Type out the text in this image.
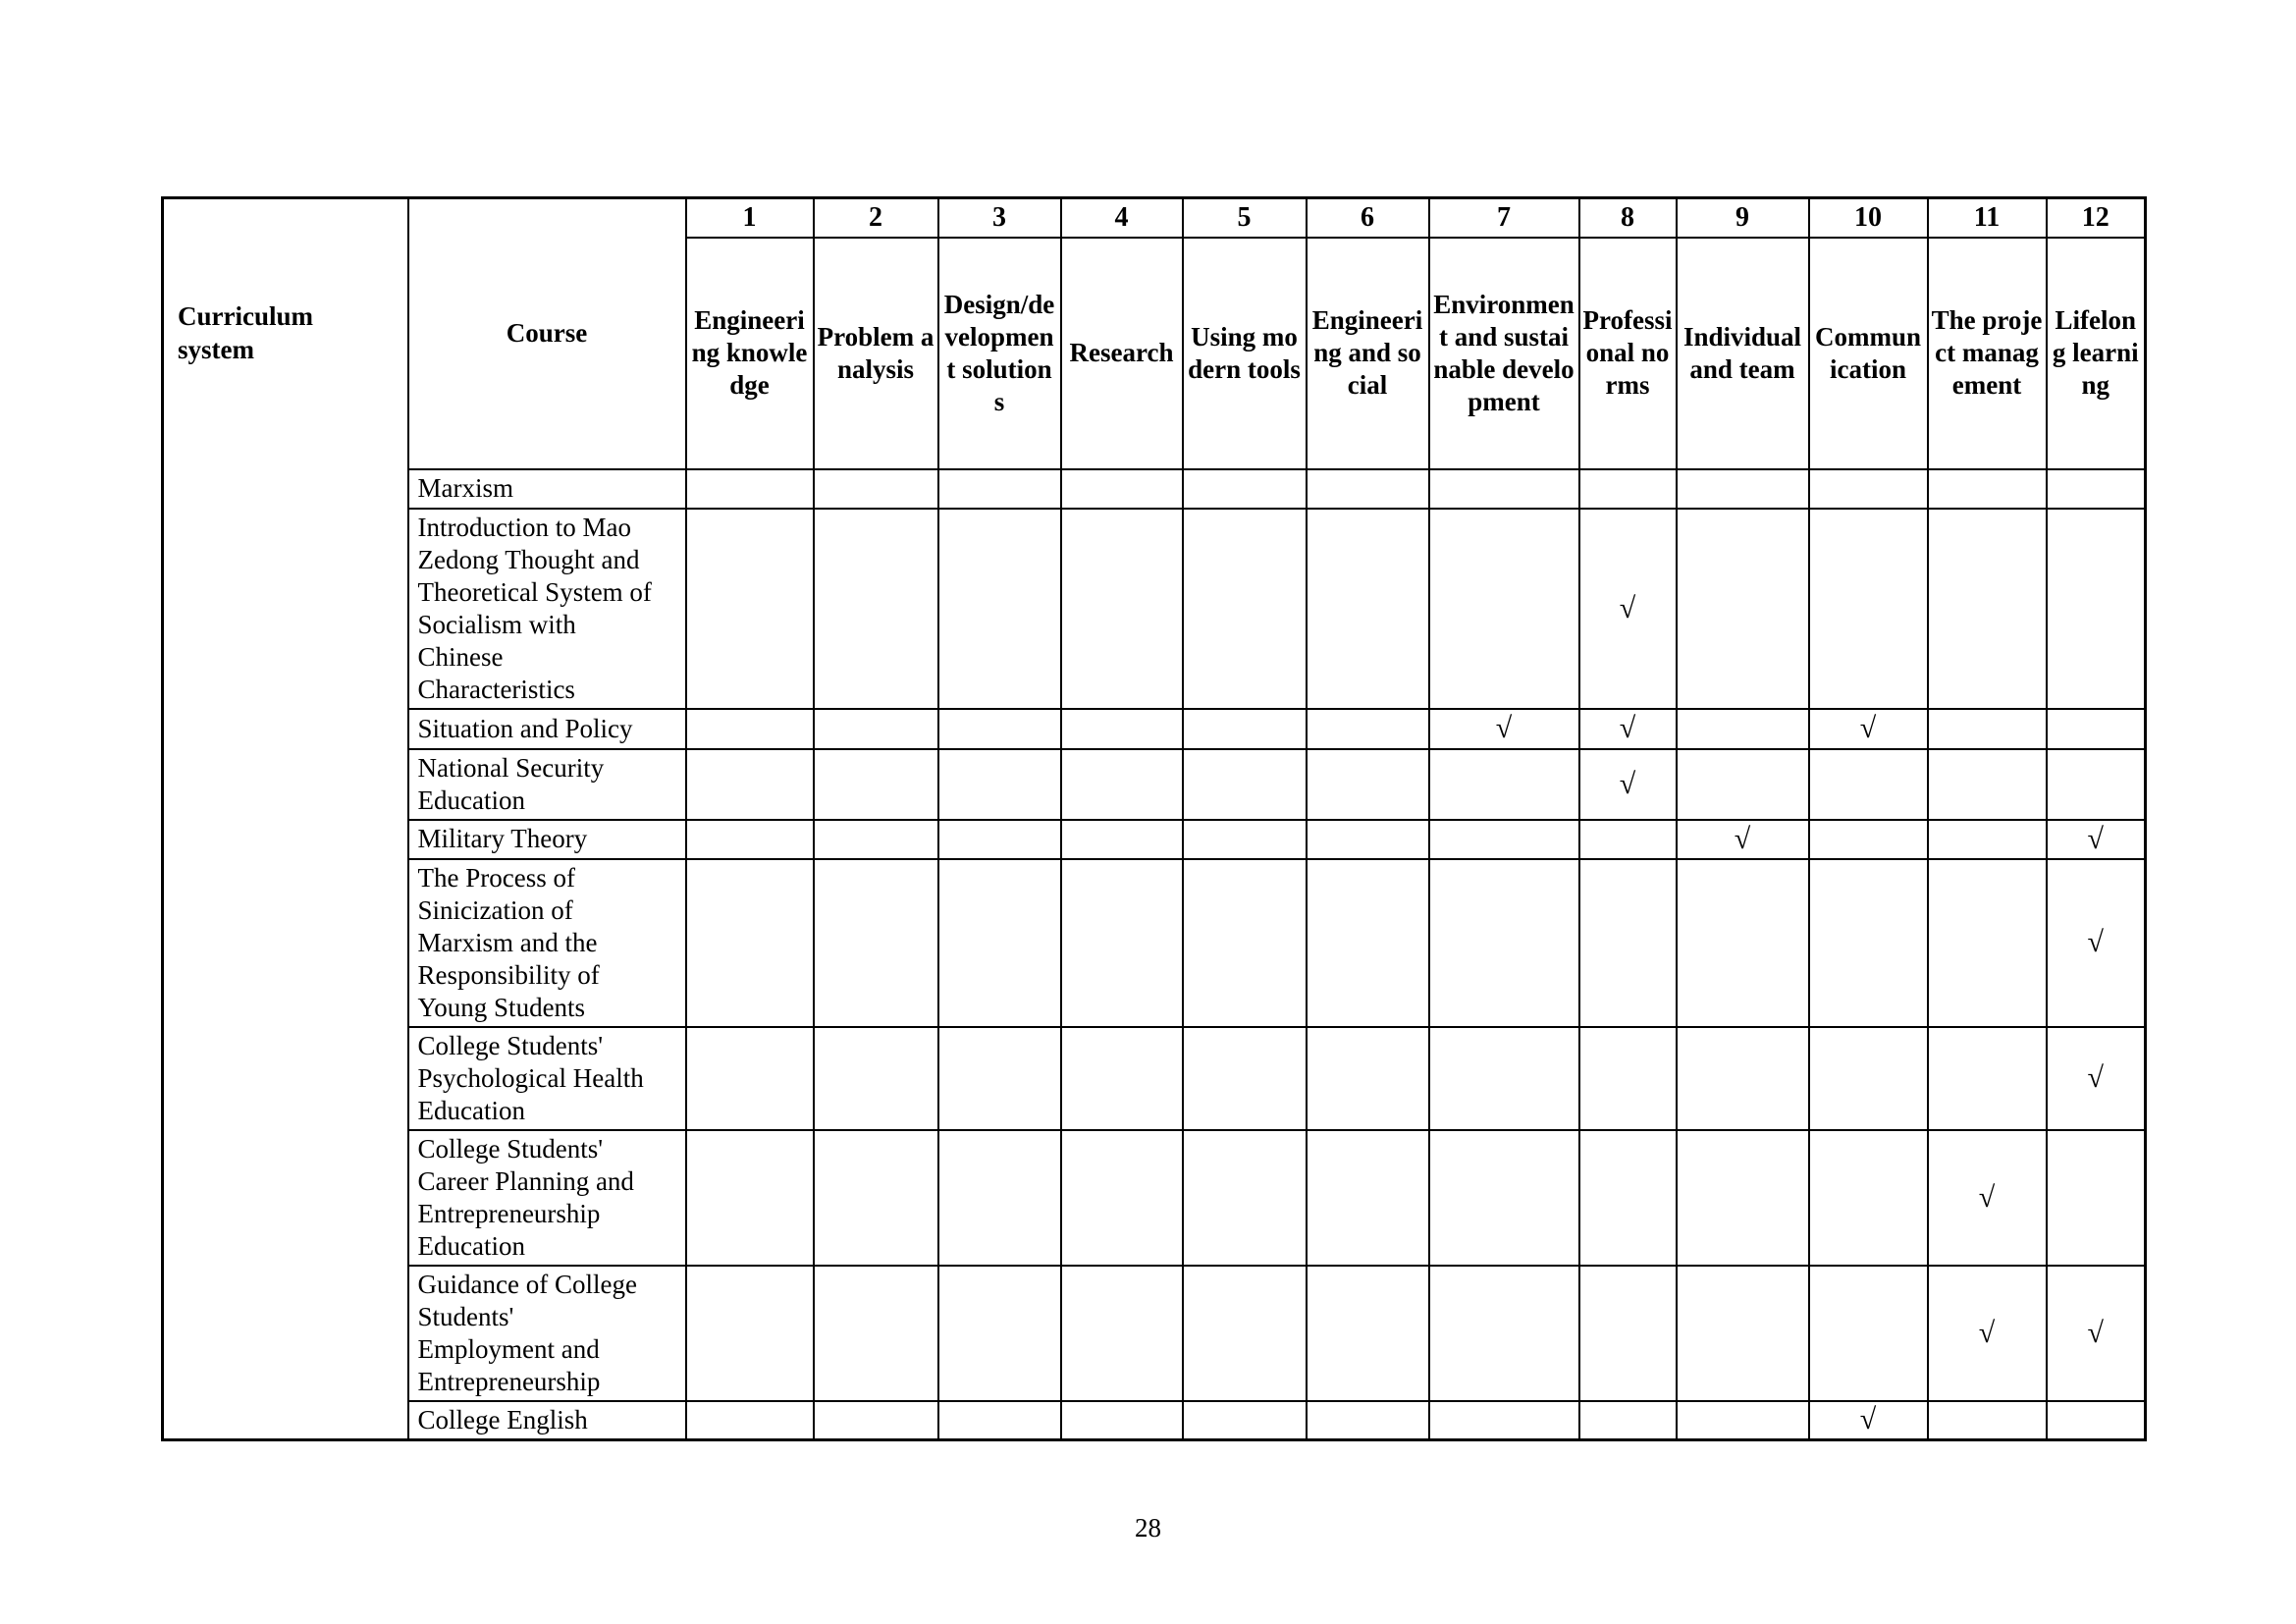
Curriculum system	Course	1	2	3	4	5	6	7	8	9	10	11	12
		Engineering knowledge	Problem analysis	Design/development solutions	Research	Using modern tools	Engineering and social	Environment and sustainable development	Professional norms	Individual and team	Communication	The project management	Lifelong learning
	Marxism												
	Introduction to Mao Zedong Thought and Theoretical System of Socialism with Chinese Characteristics								√				
	Situation and Policy							√	√		√		
	National Security Education								√				
	Military Theory									√			√
	The Process of Sinicization of Marxism and the Responsibility of Young Students												√
	College Students' Psychological Health Education												√
	College Students' Career Planning and Entrepreneurship Education											√	
	Guidance of College Students' Employment and Entrepreneurship											√	√
	College English										√		
28
